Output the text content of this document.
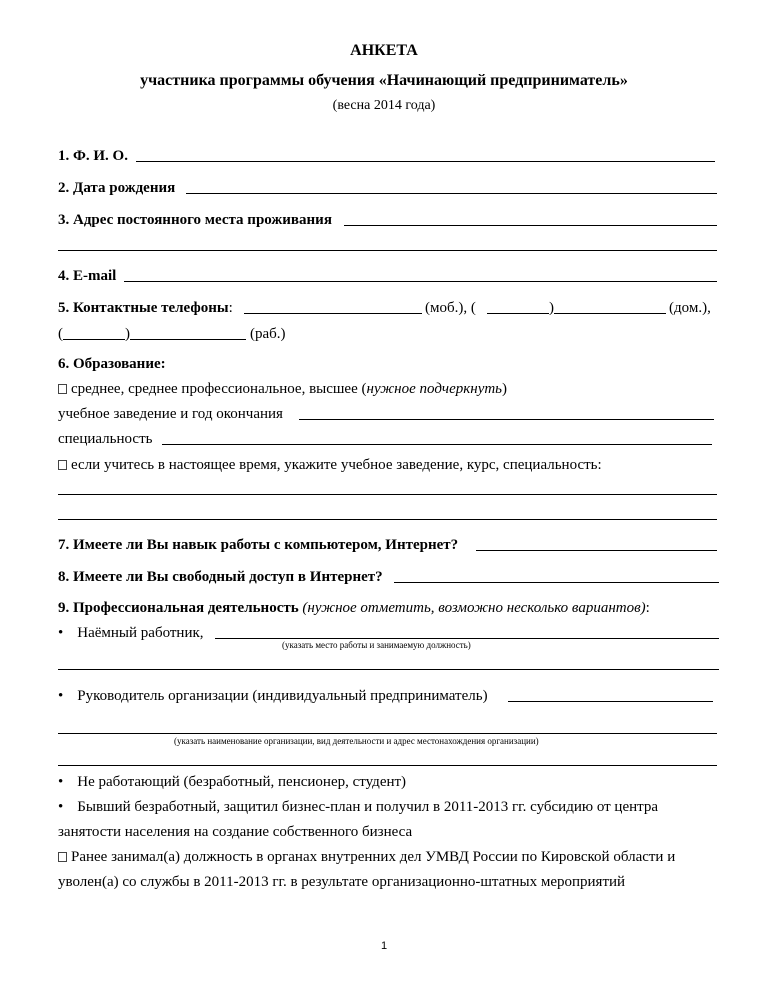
АНКЕТА
участника программы обучения «Начинающий предприниматель»
(весна 2014 года)
1. Ф. И. О.
2. Дата рождения
3. Адрес постоянного места проживания
4. E-mail
5. Контактные телефоны:	(моб.), (	)	(дом.),
(	)	(раб.)
6. Образование:
среднее, среднее профессиональное, высшее (нужное подчеркнуть)
учебное заведение и год окончания
специальность
если учитесь в настоящее время, укажите учебное заведение, курс, специальность:
7. Имеете ли Вы навык работы с компьютером, Интернет?
8. Имеете ли Вы свободный доступ в Интернет?
9. Профессиональная деятельность (нужное отметить, возможно несколько вариантов):
• Наёмный работник,
(указать место работы и занимаемую должность)
• Руководитель организации (индивидуальный предприниматель)
(указать наименование организации, вид деятельности и адрес местонахождения организации)
• Не работающий (безработный, пенсионер, студент)
• Бывший безработный, защитил бизнес-план и получил в 2011-2013 гг. субсидию от центра
занятости населения на создание собственного бизнеса
Ранее занимал(а) должность в органах внутренних дел УМВД России по Кировской области и
уволен(а) со службы в 2011-2013 гг. в результате организационно-штатных мероприятий
1
